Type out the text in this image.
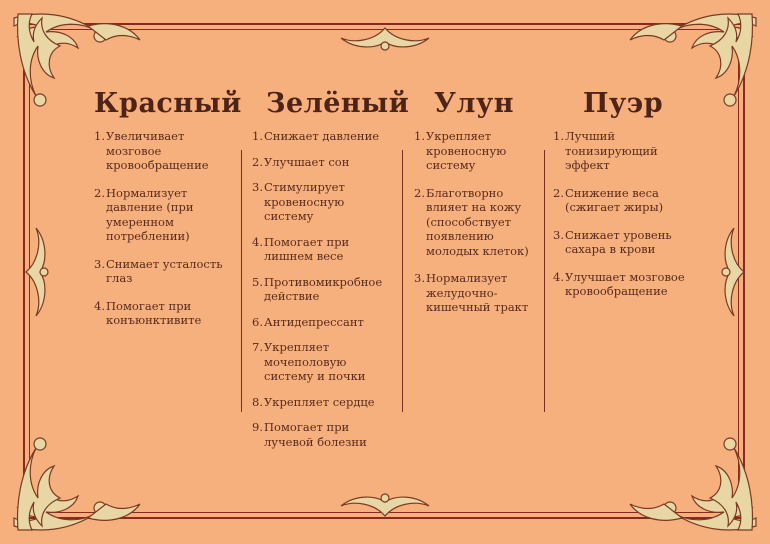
Красный
1. Увеличивает мозговое кровообращение
2. Нормализует давление (при умеренном потреблении)
3. Снимает усталость глаз
4. Помогает при конъюнктивите
Зелёный
1. Снижает давление
2. Улучшает сон
3. Стимулирует кровеносную систему
4. Помогает при лишнем весе
5. Противомикробное действие
6. Антидепрессант
7. Укрепляет мочеполовую систему и почки
8. Укрепляет сердце
9. Помогает при лучевой болезни
Улун
1. Укрепляет кровеносную систему
2. Благотворно влияет на кожу (способствует появлению молодых клеток)
3. Нормализует желудочно-кишечный тракт
Пуэр
1. Лучший тонизирующий эффект
2. Снижение веса (сжигает жиры)
3. Снижает уровень сахара в крови
4. Улучшает мозговое кровообращение
